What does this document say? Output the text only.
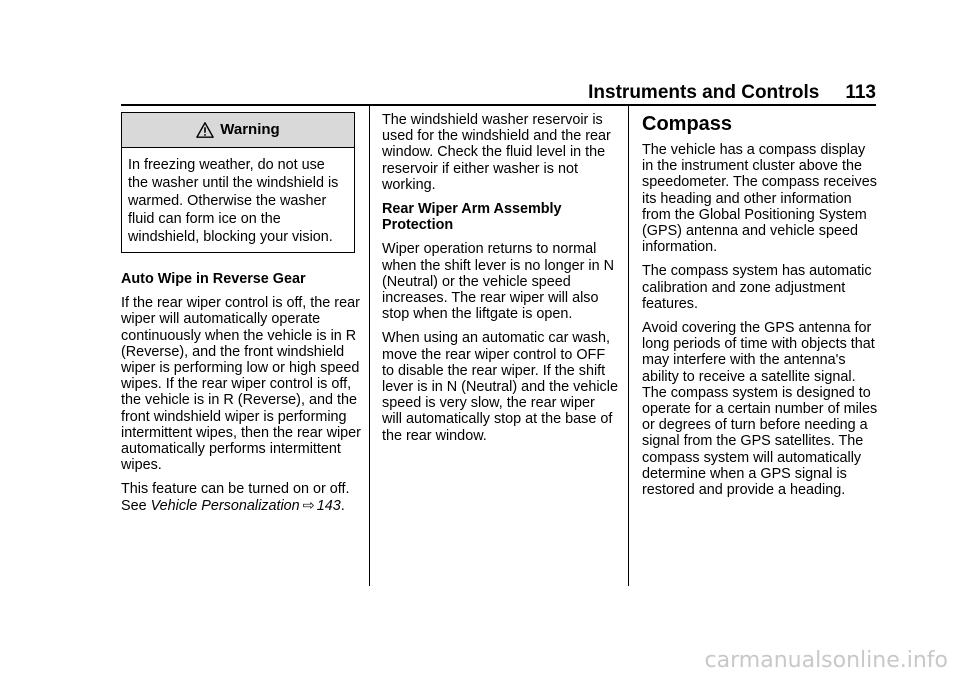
Instruments and Controls 113
Warning

In freezing weather, do not use the washer until the windshield is warmed. Otherwise the washer fluid can form ice on the windshield, blocking your vision.

Auto Wipe in Reverse Gear

If the rear wiper control is off, the rear wiper will automatically operate continuously when the vehicle is in R (Reverse), and the front windshield wiper is performing low or high speed wipes. If the rear wiper control is off, the vehicle is in R (Reverse), and the front windshield wiper is performing intermittent wipes, then the rear wiper automatically performs intermittent wipes.

This feature can be turned on or off. See Vehicle Personalization ⇨ 143.

The windshield washer reservoir is used for the windshield and the rear window. Check the fluid level in the reservoir if either washer is not working.

Rear Wiper Arm Assembly Protection

Wiper operation returns to normal when the shift lever is no longer in N (Neutral) or the vehicle speed increases. The rear wiper will also stop when the liftgate is open.

When using an automatic car wash, move the rear wiper control to OFF to disable the rear wiper. If the shift lever is in N (Neutral) and the vehicle speed is very slow, the rear wiper will automatically stop at the base of the rear window.

Compass

The vehicle has a compass display in the instrument cluster above the speedometer. The compass receives its heading and other information from the Global Positioning System (GPS) antenna and vehicle speed information.

The compass system has automatic calibration and zone adjustment features.

Avoid covering the GPS antenna for long periods of time with objects that may interfere with the antenna's ability to receive a satellite signal. The compass system is designed to operate for a certain number of miles or degrees of turn before needing a signal from the GPS satellites. The compass system will automatically determine when a GPS signal is restored and provide a heading.

carmanualsonline.info
